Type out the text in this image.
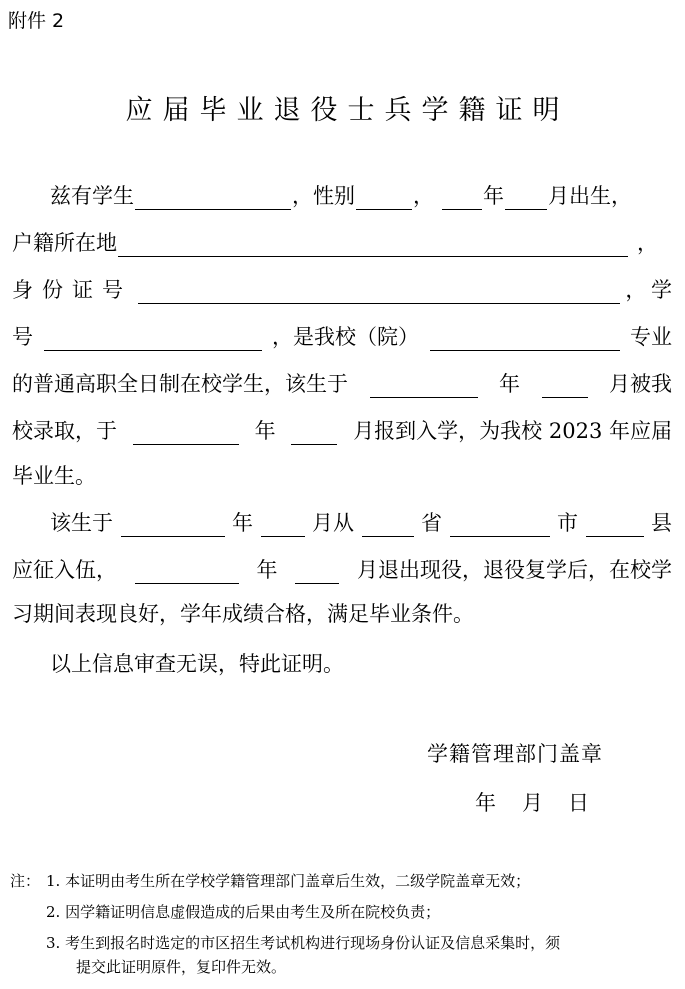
附件 2
应届毕业退役士兵学籍证明
兹有学生	，性别	， 年 月出生，
户籍所在地	，
身份证号	， 学
号	，是我校（院）	专业
的普通高职全日制在校学生，该生于	年	月被我
校录取，于	年	月报到入学，为我校 2023 年应届
毕业生。
该生于	年	月从	省	市	县
应征入伍，	年	月退出现役，退役复学后，在校学
习期间表现良好，学年成绩合格，满足毕业条件。
以上信息审查无误，特此证明。
学籍管理部门盖章
年 月 日
注： 1. 本证明由考生所在学校学籍管理部门盖章后生效，二级学院盖章无效；
2. 因学籍证明信息虚假造成的后果由考生及所在院校负责；
3. 考生到报名时选定的市区招生考试机构进行现场身份认证及信息采集时，须
提交此证明原件，复印件无效。
